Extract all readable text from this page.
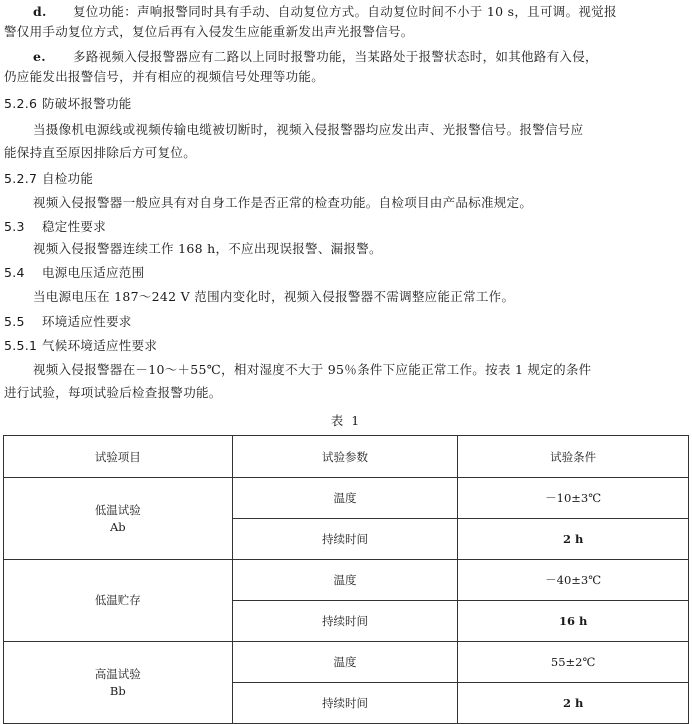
d. 复位功能：声响报警同时具有手动、自动复位方式。自动复位时间不小于 10 s，且可调。视觉报
警仅用手动复位方式，复位后再有入侵发生应能重新发出声光报警信号。
e. 多路视频入侵报警器应有二路以上同时报警功能，当某路处于报警状态时，如其他路有入侵，
仍应能发出报警信号，并有相应的视频信号处理等功能。
5.2.6 防破坏报警功能
当摄像机电源线或视频传输电缆被切断时，视频入侵报警器均应发出声、光报警信号。报警信号应
能保持直至原因排除后方可复位。
5.2.7 自检功能
视频入侵报警器一般应具有对自身工作是否正常的检查功能。自检项目由产品标准规定。
5.3 稳定性要求
视频入侵报警器连续工作 168 h，不应出现误报警、漏报警。
5.4 电源电压适应范围
当电源电压在 187～242 V 范围内变化时，视频入侵报警器不需调整应能正常工作。
5.5 环境适应性要求
5.5.1 气候环境适应性要求
视频入侵报警器在－10～＋55℃，相对湿度不大于 95％条件下应能正常工作。按表 1 规定的条件
进行试验，每项试验后检查报警功能。
表 1
试验项目	试验参数	试验条件

低温试验
Ab	温度	－10±3℃
	持续时间	2 h

低温贮存	温度	－40±3℃
	持续时间	16 h

高温试验
Bb	温度	55±2℃
	持续时间	2 h
